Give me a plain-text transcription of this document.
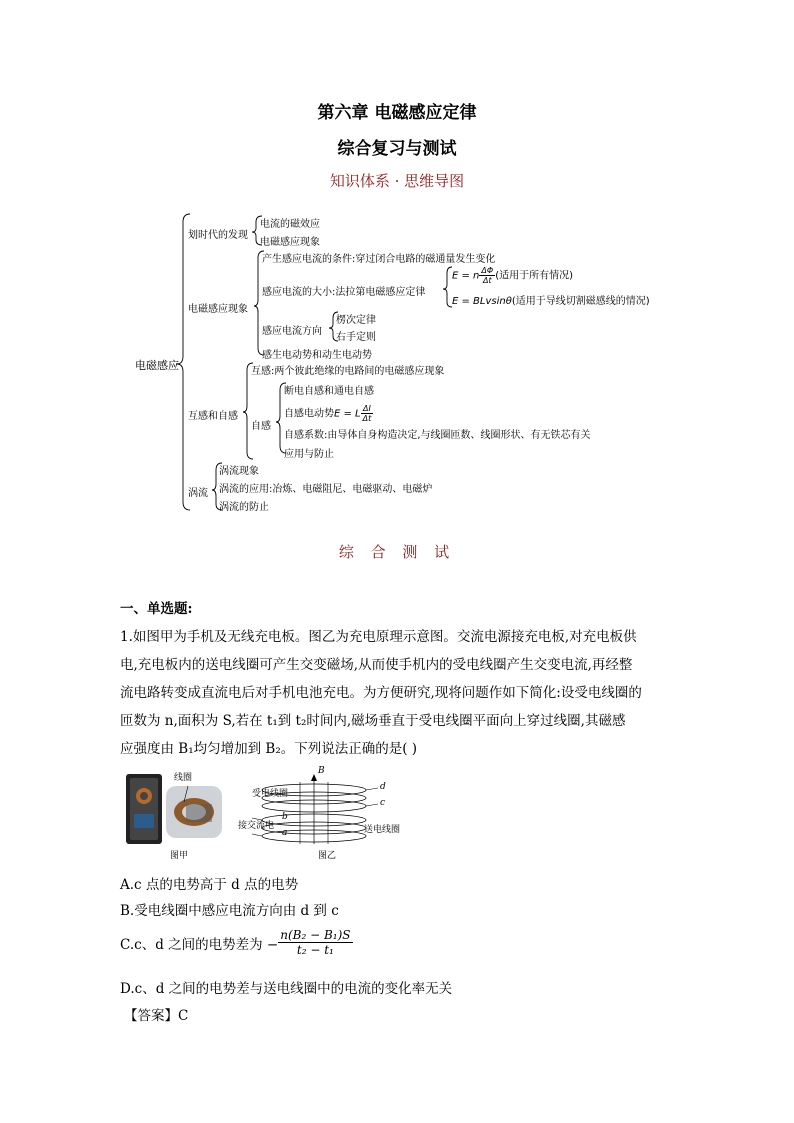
第六章 电磁感应定律
综合复习与测试
知识体系 · 思维导图
电磁感应
划时代的发现
电流的磁效应
电磁感应现象
电磁感应现象
产生感应电流的条件:穿过闭合电路的磁通量发生变化
感应电流的大小:法拉第电磁感应定律
E = n $\frac{\Delta\Phi}{\Delta t}$ (适用于所有情况)
E = BLvsinθ(适用于导线切割磁感线的情况)
感应电流方向
楞次定律
右手定则
感生电动势和动生电动势
互感和自感
互感:两个彼此绝缘的电路间的电磁感应现象
自感
断电自感和通电自感
自感电动势E = L $\frac{\Delta I}{\Delta t}$
自感系数:由导体自身构造决定,与线圈匝数、线圈形状、有无铁芯有关
应用与防止
涡流
涡流现象
涡流的应用:冶炼、电磁阻尼、电磁驱动、电磁炉
涡流的防止
综 合 测 试
一、单选题:
1.如图甲为手机及无线充电板。图乙为充电原理示意图。交流电源接充电板,对充电板供
电,充电板内的送电线圈可产生交变磁场,从而使手机内的受电线圈产生交变电流,再经整
流电路转变成直流电后对手机电池充电。为方便研究,现将问题作如下简化:设受电线圈的
匝数为 n,面积为 S,若在 t₁到 t₂时间内,磁场垂直于受电线圈平面向上穿过线圈,其磁感
应强度由 B₁均匀增加到 B₂。下列说法正确的是( )
线圈
图甲	图乙
受电线圈
接交流电	送电线圈
B
d
c
b
a
A.c 点的电势高于 d 点的电势
B.受电线圈中感应电流方向由 d 到 c
C.c、d 之间的电势差为 − $\frac{\text{n(B₂ − B₁)S}}{\text{t₂ − t₁}}$
D.c、d 之间的电势差与送电线圈中的电流的变化率无关
【答案】C
